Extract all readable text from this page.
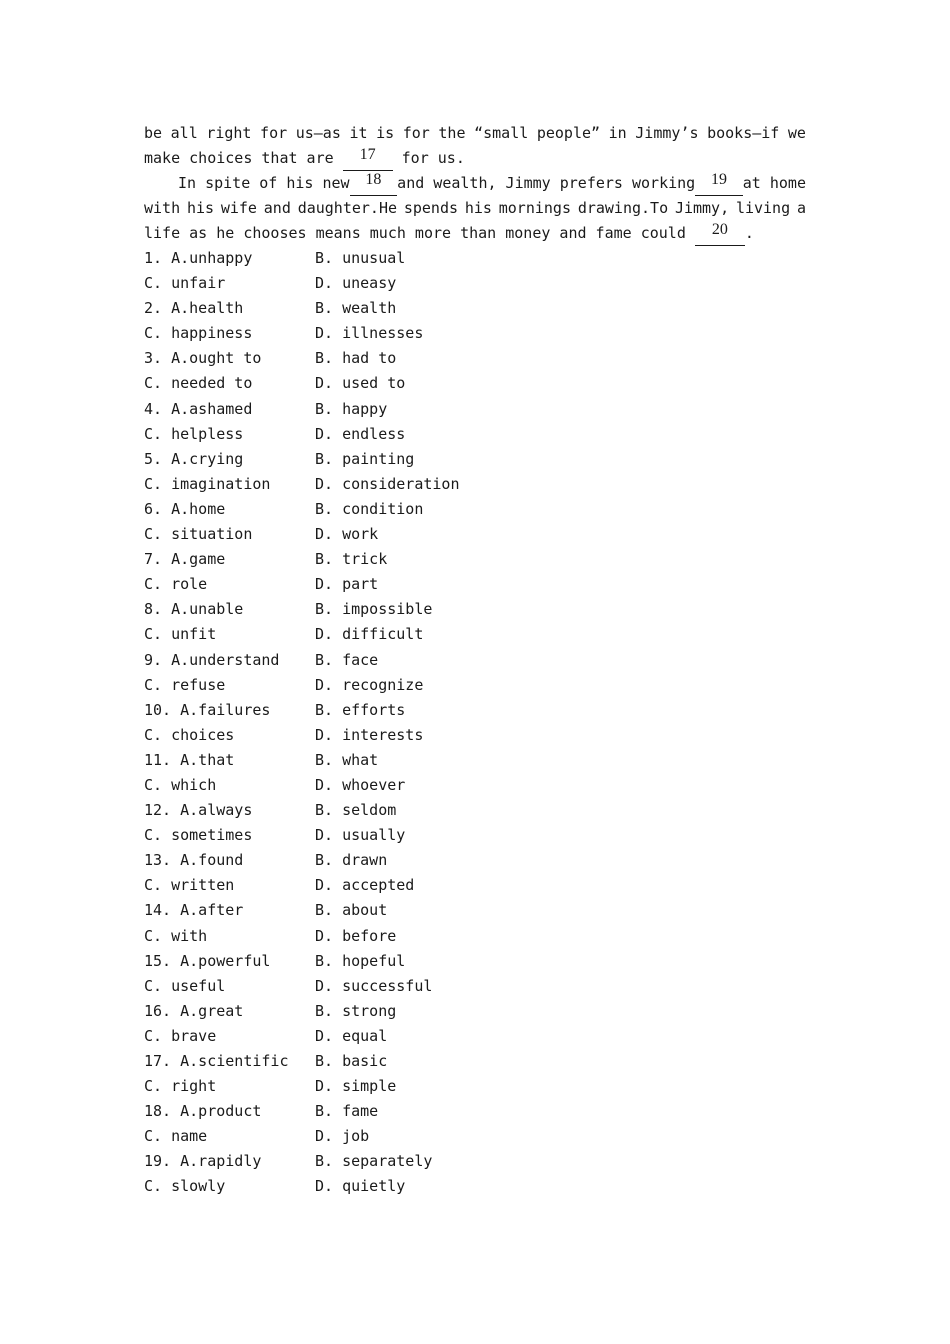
be all right for us—as it is for the “small people” in Jimmy’s books—if we
make choices that are	17	for us.
In spite of his new 18	and wealth, Jimmy prefers working 19	at home
with his wife and daughter.He spends his mornings drawing.To Jimmy, living a
life as he chooses means much more than money and fame could	20	.
1. A.unhappy	B. unusual
C. unfair	D. uneasy
2. A.health	B. wealth
C. happiness	D. illnesses
3. A.ought to	B. had to
C. needed to	D. used to
4. A.ashamed	B. happy
C. helpless	D. endless
5. A.crying	B. painting
C. imagination	D. consideration
6. A.home	B. condition
C. situation	D. work
7. A.game	B. trick
C. role	D. part
8. A.unable	B. impossible
C. unfit	D. difficult
9. A.understand B. face
C. refuse	D. recognize
10. A.failures	B. efforts
C. choices	D. interests
11. A.that	B. what
C. which	D. whoever
12. A.always	B. seldom
C. sometimes	D. usually
13. A.found	B. drawn
C. written	D. accepted
14. A.after	B. about
C. with	D. before
15. A.powerful	B. hopeful
C. useful	D. successful
16. A.great	B. strong
C. brave	D. equal
17. A.scientific B. basic
C. right	D. simple
18. A.product	B. fame
C. name	D. job
19. A.rapidly	B. separately
C. slowly	D. quietly
